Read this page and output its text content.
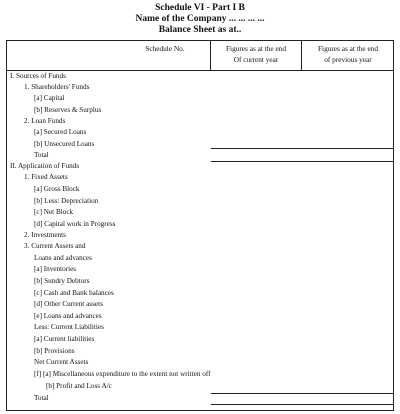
Schedule VI - Part I B
Name of the Company ... ... ... ...
Balance Sheet as at..
Schedule No.	Figures as at the end
Of current year
Figures as at the end
of previous year
I. Sources of Funds
1. Shareholders' Funds
[a] Capital
[b] Reserves & Surplus
2. Loan Funds
[a] Secured Loans
[b] Unsecured Loans
Total
II. Application of Funds
1. Fixed Assets
[a] Gross Block
[b] Less: Depreciation
[c] Net Block
[d] Capital work in Progress
2. Investments
3. Current Assets and
Loans and advances
[a] Inventories
[b] Sundry Debtors
[c] Cash and Bank balances
[d] Other Current assets
[e] Loans and advances
Less: Current Liabilities
[a] Current liabilities
[b] Provisions
Net Current Assets
[f] [a] Miscellaneous expenditure to the extent not written off
[b] Profit and Loss A/c
Total
